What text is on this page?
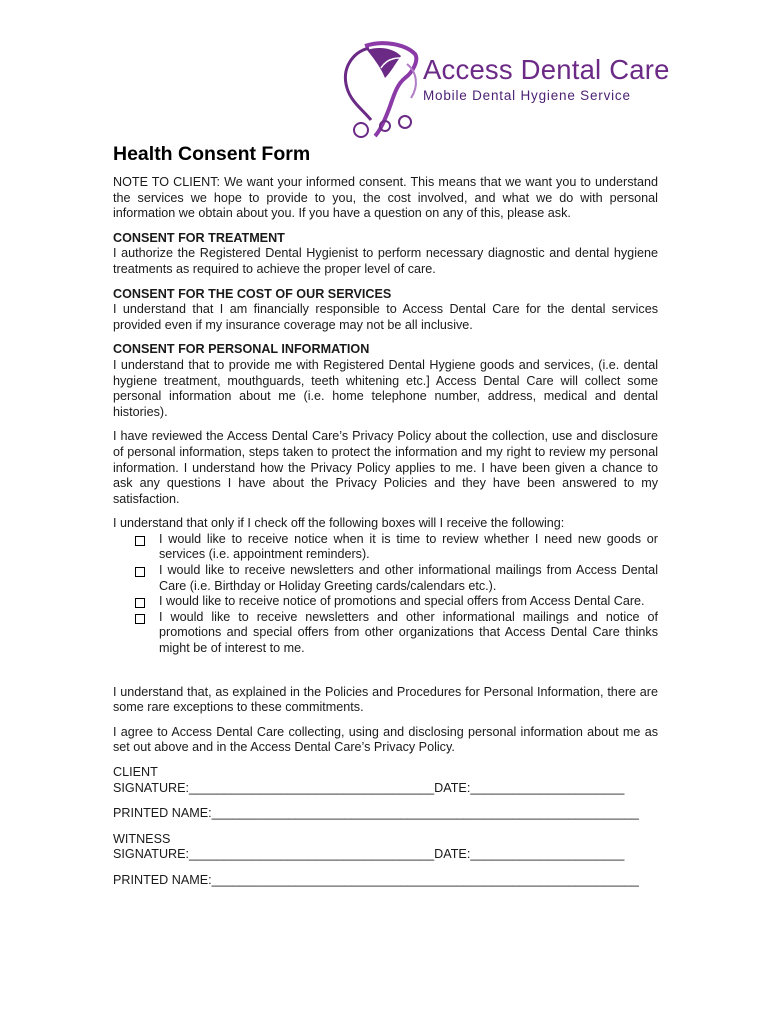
Access Dental Care
Mobile Dental Hygiene Service
Health Consent Form

NOTE TO CLIENT: We want your informed consent. This means that we want you to understand the services we hope to provide to you, the cost involved, and what we do with personal information we obtain about you. If you have a question on any of this, please ask.

CONSENT FOR TREATMENT
I authorize the Registered Dental Hygienist to perform necessary diagnostic and dental hygiene treatments as required to achieve the proper level of care.

CONSENT FOR THE COST OF OUR SERVICES
I understand that I am financially responsible to Access Dental Care for the dental services provided even if my insurance coverage may not be all inclusive.

CONSENT FOR PERSONAL INFORMATION
I understand that to provide me with Registered Dental Hygiene goods and services, (i.e. dental hygiene treatment, mouthguards, teeth whitening etc.] Access Dental Care will collect some personal information about me (i.e. home telephone number, address, medical and dental histories).

I have reviewed the Access Dental Care’s Privacy Policy about the collection, use and disclosure of personal information, steps taken to protect the information and my right to review my personal information. I understand how the Privacy Policy applies to me. I have been given a chance to ask any questions I have about the Privacy Policies and they have been answered to my satisfaction.

I understand that only if I check off the following boxes will I receive the following:
I would like to receive notice when it is time to review whether I need new goods or services (i.e. appointment reminders).
I would like to receive newsletters and other informational mailings from Access Dental Care (i.e. Birthday or Holiday Greeting cards/calendars etc.).
I would like to receive notice of promotions and special offers from Access Dental Care.
I would like to receive newsletters and other informational mailings and notice of promotions and special offers from other organizations that Access Dental Care thinks might be of interest to me.

I understand that, as explained in the Policies and Procedures for Personal Information, there are some rare exceptions to these commitments.

I agree to Access Dental Care collecting, using and disclosing personal information about me as set out above and in the Access Dental Care’s Privacy Policy.

CLIENT
SIGNATURE:___________________________________DATE:______________________
PRINTED NAME:_____________________________________________________________
WITNESS
SIGNATURE:___________________________________DATE:______________________
PRINTED NAME:_____________________________________________________________
